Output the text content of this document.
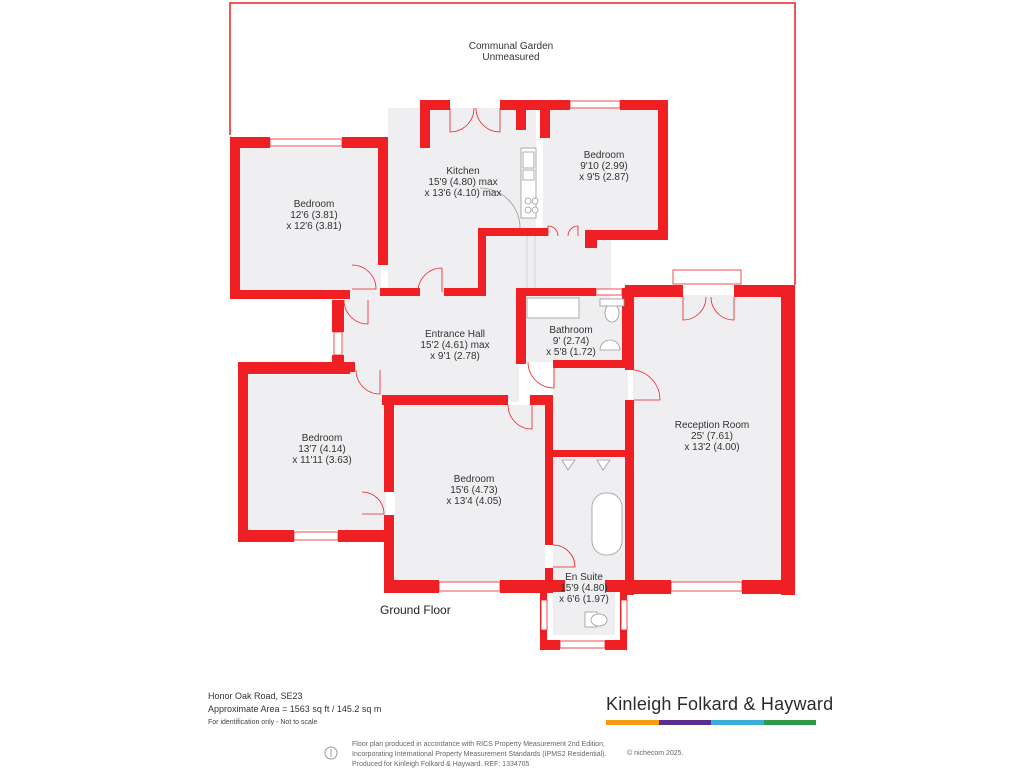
Communal Garden
Unmeasured
Kitchen
15'9 (4.80) max
x 13'6 (4.10) max
Bedroom
12'6 (3.81)
x 12'6 (3.81)
Bedroom
9'10 (2.99)
x 9'5 (2.87)
Entrance Hall
15'2 (4.61) max
x 9'1 (2.78)
Bathroom
9' (2.74)
x 5'8 (1.72)
Reception Room
25' (7.61)
x 13'2 (4.00)
Bedroom
13'7 (4.14)
x 11'11 (3.63)
Bedroom
15'6 (4.73)
x 13'4 (4.05)
En Suite
15'9 (4.80)
x 6'6 (1.97)
Ground Floor
Honor Oak Road, SE23
Approximate Area = 1563 sq ft / 145.2 sq m
For identification only - Not to scale
Kinleigh Folkard & Hayward
Floor plan produced in accordance with RICS Property Measurement 2nd Edition,
Incorporating International Property Measurement Standards (IPMS2 Residential).
Produced for Kinleigh Folkard & Hayward. REF: 1334705
© nichecom 2025.
